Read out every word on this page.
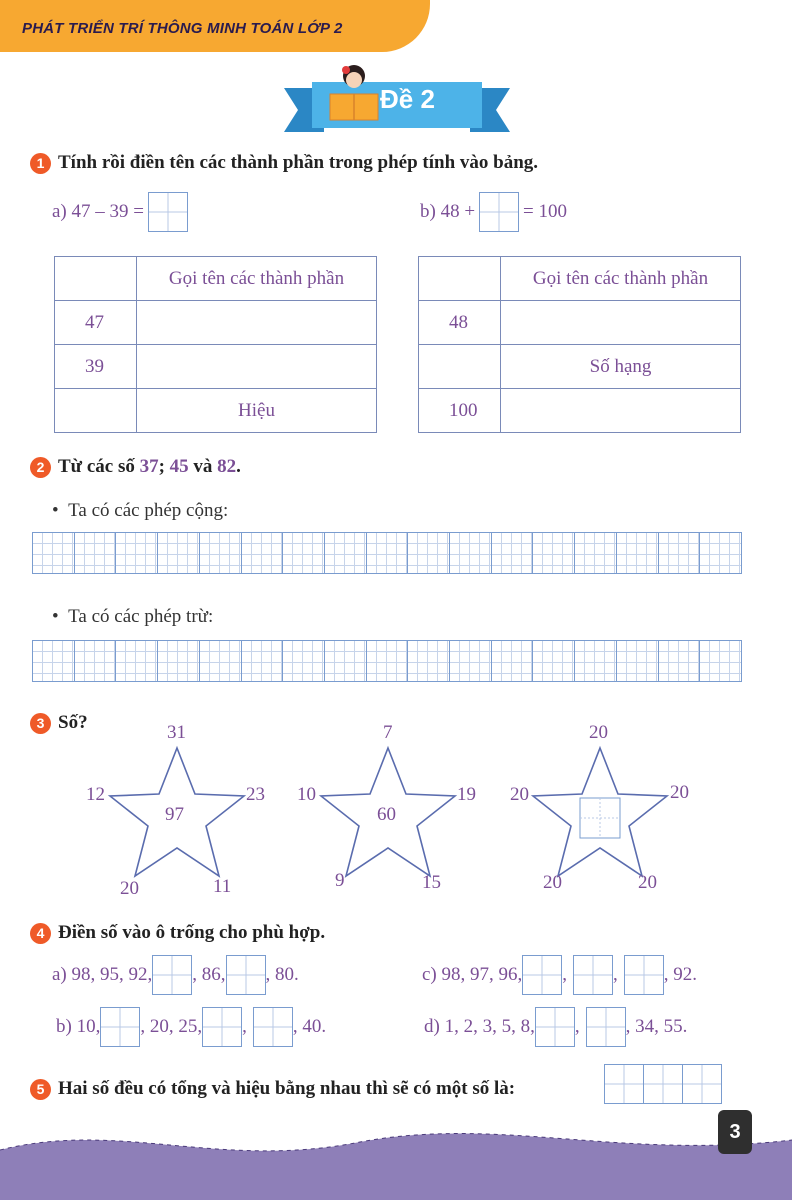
PHÁT TRIỂN TRÍ THÔNG MINH TOÁN LỚP 2
Đề 2
1 Tính rồi điền tên các thành phần trong phép tính vào bảng.
a) 47 – 39 =	b) 48 +	= 100
	Gọi tên các thành phần
47	
39	
	Hiệu
	Gọi tên các thành phần
48	
	Số hạng
100	
2 Từ các số
37 ;
45
và
82 .
•  Ta có các phép cộng:
•  Ta có các phép trừ:
3 Số?	31
12	23
20	11
97
7
10	19
9	15
60
20
20	20
20	20
4 Điền số vào ô trống cho phù hợp.
a) 98, 95, 92, , 86, , 80.	c) 98, 97, 96, , , , 92.
b) 10, , 20, 25, , , 40.	d) 1, 2, 3, 5, 8, , , 34, 55.
5 Hai số đều có tổng và hiệu bằng nhau thì sẽ có một số là:
3
